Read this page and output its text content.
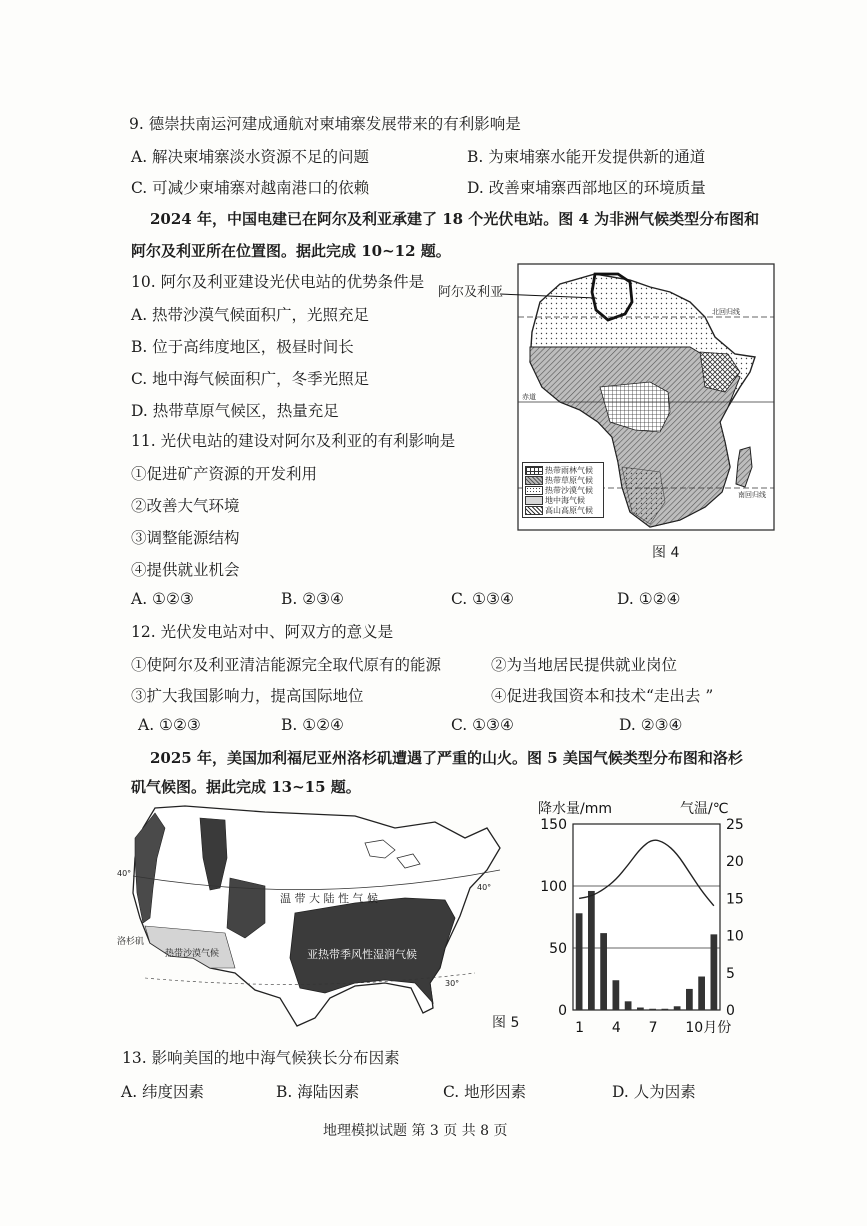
9. 德崇扶南运河建成通航对柬埔寨发展带来的有利影响是
A. 解决柬埔寨淡水资源不足的问题	B. 为柬埔寨水能开发提供新的通道
C. 可减少柬埔寨对越南港口的依赖	D. 改善柬埔寨西部地区的环境质量
2024 年，中国电建已在阿尔及利亚承建了 18 个光伏电站。图 4 为非洲气候类型分布图和
阿尔及利亚所在位置图。据此完成 10~12 题。
10. 阿尔及利亚建设光伏电站的优势条件是
A. 热带沙漠气候面积广，光照充足
B. 位于高纬度地区，极昼时间长
C. 地中海气候面积广，冬季光照足
D. 热带草原气候区，热量充足
11. 光伏电站的建设对阿尔及利亚的有利影响是
①促进矿产资源的开发利用
②改善大气环境
③调整能源结构
④提供就业机会
A. ①②③	B. ②③④	C. ①③④	D. ①②④
阿尔及利亚
北回归线
赤道
南回归线
热带雨林气候
热带草原气候
热带沙漠气候
地中海气候
高山高原气候
图 4
12. 光伏发电站对中、阿双方的意义是
①使阿尔及利亚清洁能源完全取代原有的能源	②为当地居民提供就业岗位
③扩大我国影响力，提高国际地位	④促进我国资本和技术“走出去 ”
A. ①②③	B. ①②④	C. ①③④	D. ②③④
2025 年，美国加利福尼亚州洛杉矶遭遇了严重的山火。图 5 美国气候类型分布图和洛杉
矶气候图。据此完成 13~15 题。
40°
40°
30°
温 带 大 陆 性 气 候
亚热带季风性湿润气候
热带沙漠气候
洛杉矶
图 5
降水量/mm	气温/℃
0
50
100
150
0
5
10
15
20
25
1 4 7 10月份
13. 影响美国的地中海气候狭长分布因素
A. 纬度因素	B. 海陆因素	C. 地形因素	D. 人为因素
地理模拟试题 第 3 页 共 8 页
